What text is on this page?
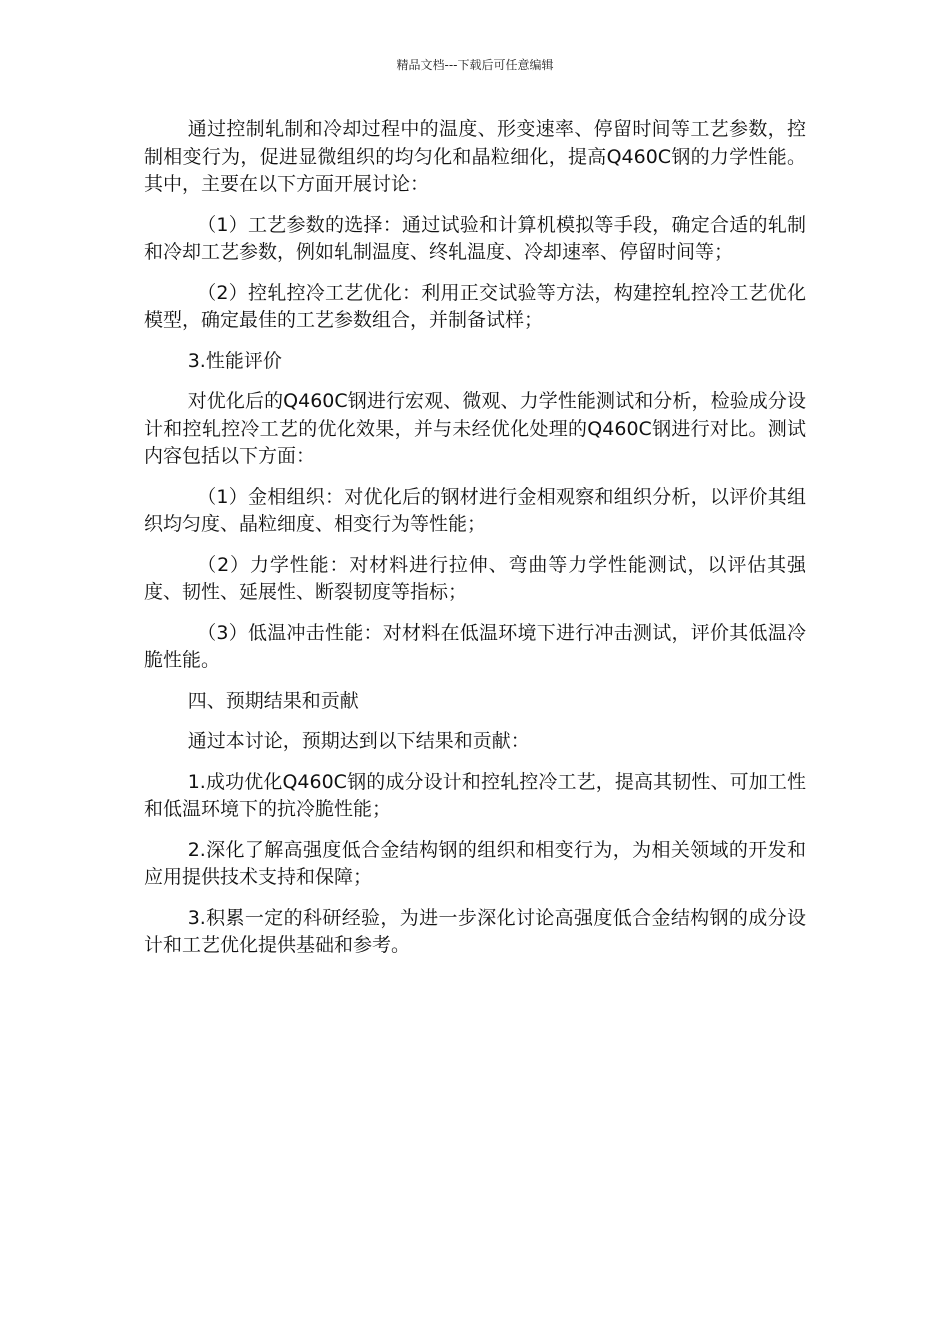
精品文档---下载后可任意编辑

通过控制轧制和冷却过程中的温度、形变速率、停留时间等工艺参数，控制相变行为，促进显微组织的均匀化和晶粒细化，提高Q460C钢的力学性能。其中，主要在以下方面开展讨论：

（1）工艺参数的选择：通过试验和计算机模拟等手段，确定合适的轧制和冷却工艺参数，例如轧制温度、终轧温度、冷却速率、停留时间等；

（2）控轧控冷工艺优化：利用正交试验等方法，构建控轧控冷工艺优化模型，确定最佳的工艺参数组合，并制备试样；

3.性能评价

对优化后的Q460C钢进行宏观、微观、力学性能测试和分析，检验成分设计和控轧控冷工艺的优化效果，并与未经优化处理的Q460C钢进行对比。测试内容包括以下方面：

（1）金相组织：对优化后的钢材进行金相观察和组织分析，以评价其组织均匀度、晶粒细度、相变行为等性能；

（2）力学性能：对材料进行拉伸、弯曲等力学性能测试，以评估其强度、韧性、延展性、断裂韧度等指标；

（3）低温冲击性能：对材料在低温环境下进行冲击测试，评价其低温冷脆性能。

四、预期结果和贡献

通过本讨论，预期达到以下结果和贡献：

1.成功优化Q460C钢的成分设计和控轧控冷工艺，提高其韧性、可加工性和低温环境下的抗冷脆性能；

2.深化了解高强度低合金结构钢的组织和相变行为，为相关领域的开发和应用提供技术支持和保障；

3.积累一定的科研经验，为进一步深化讨论高强度低合金结构钢的成分设计和工艺优化提供基础和参考。
